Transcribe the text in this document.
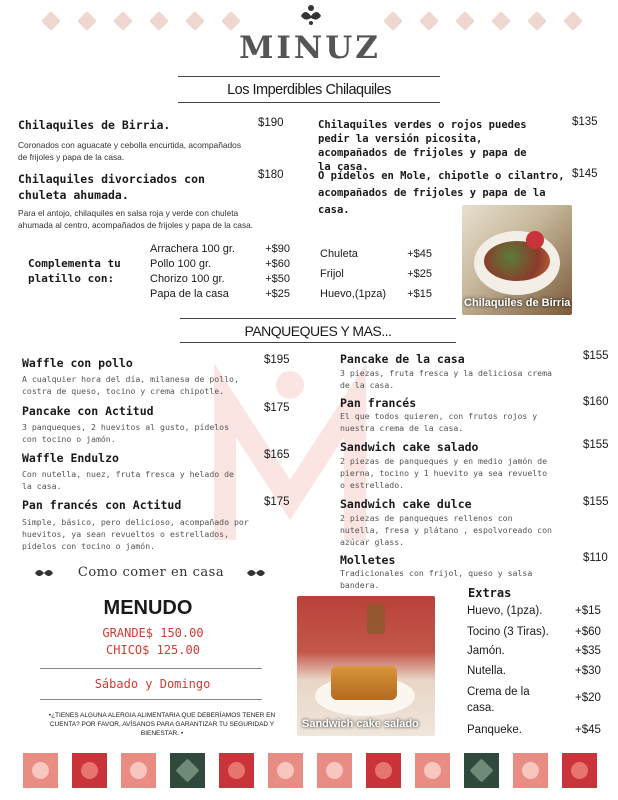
MINUZ
Los Imperdibles Chilaquiles
Chilaquiles de Birria.	$190
Coronados con aguacate y cebolla encurtida, acompañados de frijoles y papa de la casa.
Chilaquiles divorciados con chuleta ahumada.
$180
Para el antojo, chilaquiles en salsa roja y verde con chuleta ahumada al centro, acompañados de frijoles y papa de la casa.
Complementa tu platillo con:
Arrachera 100 gr.	+$90
Pollo 100 gr.	+$60
Chorizo 100 gr.	+$50
Papa de la casa	+$25
Chilaquiles verdes o rojos puedes pedir la versión picosita, acompañados de frijoles y papa de la casa.
$135
O pídelos en Mole, chipotle o cilantro, acompañados de frijoles y papa de la casa.
$145
Chuleta	+$45
Frijol	+$25
Huevo,(1pza) +$15
Chilaquiles de Birria
PANQUEQUES Y MAS...
Waffle con pollo	$195
A cualquier hora del día, milanesa de pollo, costra de queso, tocino y crema chipotle.
Pancake con Actitud	$175
3 panqueques, 2 huevitos al gusto, pídelos con tocino o jamón.
Waffle Endulzo	$165
Con nutella, nuez, fruta fresca y helado de la casa.
Pan francés con Actitud	$175
Simple, básico, pero delicioso, acompañado por huevitos, ya sean revueltos o estrellados, pídelos con tocino o jamón.
Pancake de la casa	$155
3 piezas, fruta fresca y la deliciosa crema de la casa.
Pan francés	$160
El que todos quieren, con frutos rojos y nuestra crema de la casa.
Sandwich cake salado	$155
2 piezas de panqueques y en medio jamón de pierna, tocino y 1 huevito ya sea revuelto o estrellado.
Sandwich cake dulce	$155
2 piezas de panqueques rellenos con nutella, fresa y plátano , espolvoreado con azúcar glass.
Molletes	$110
Tradicionales con frijol, queso y salsa bandera.
Como comer en casa
MENUDO
GRANDE$ 150.00
CHICO$ 125.00
Sábado y Domingo
•¿TIENES ALGUNA ALERGIA ALIMENTARIA QUE DEBERÍAMOS TENER EN CUENTA? POR FAVOR, AVÍSANOS PARA GARANTIZAR TU SEGURIDAD Y BIENESTAR. •
Sandwich cake salado
Extras
Huevo, (1pza).	+$15
Tocino (3 Tiras). +$60
Jamón.	+$35
Nutella.	+$30
Crema de la casa.
+$20
Panqueke.	+$45
